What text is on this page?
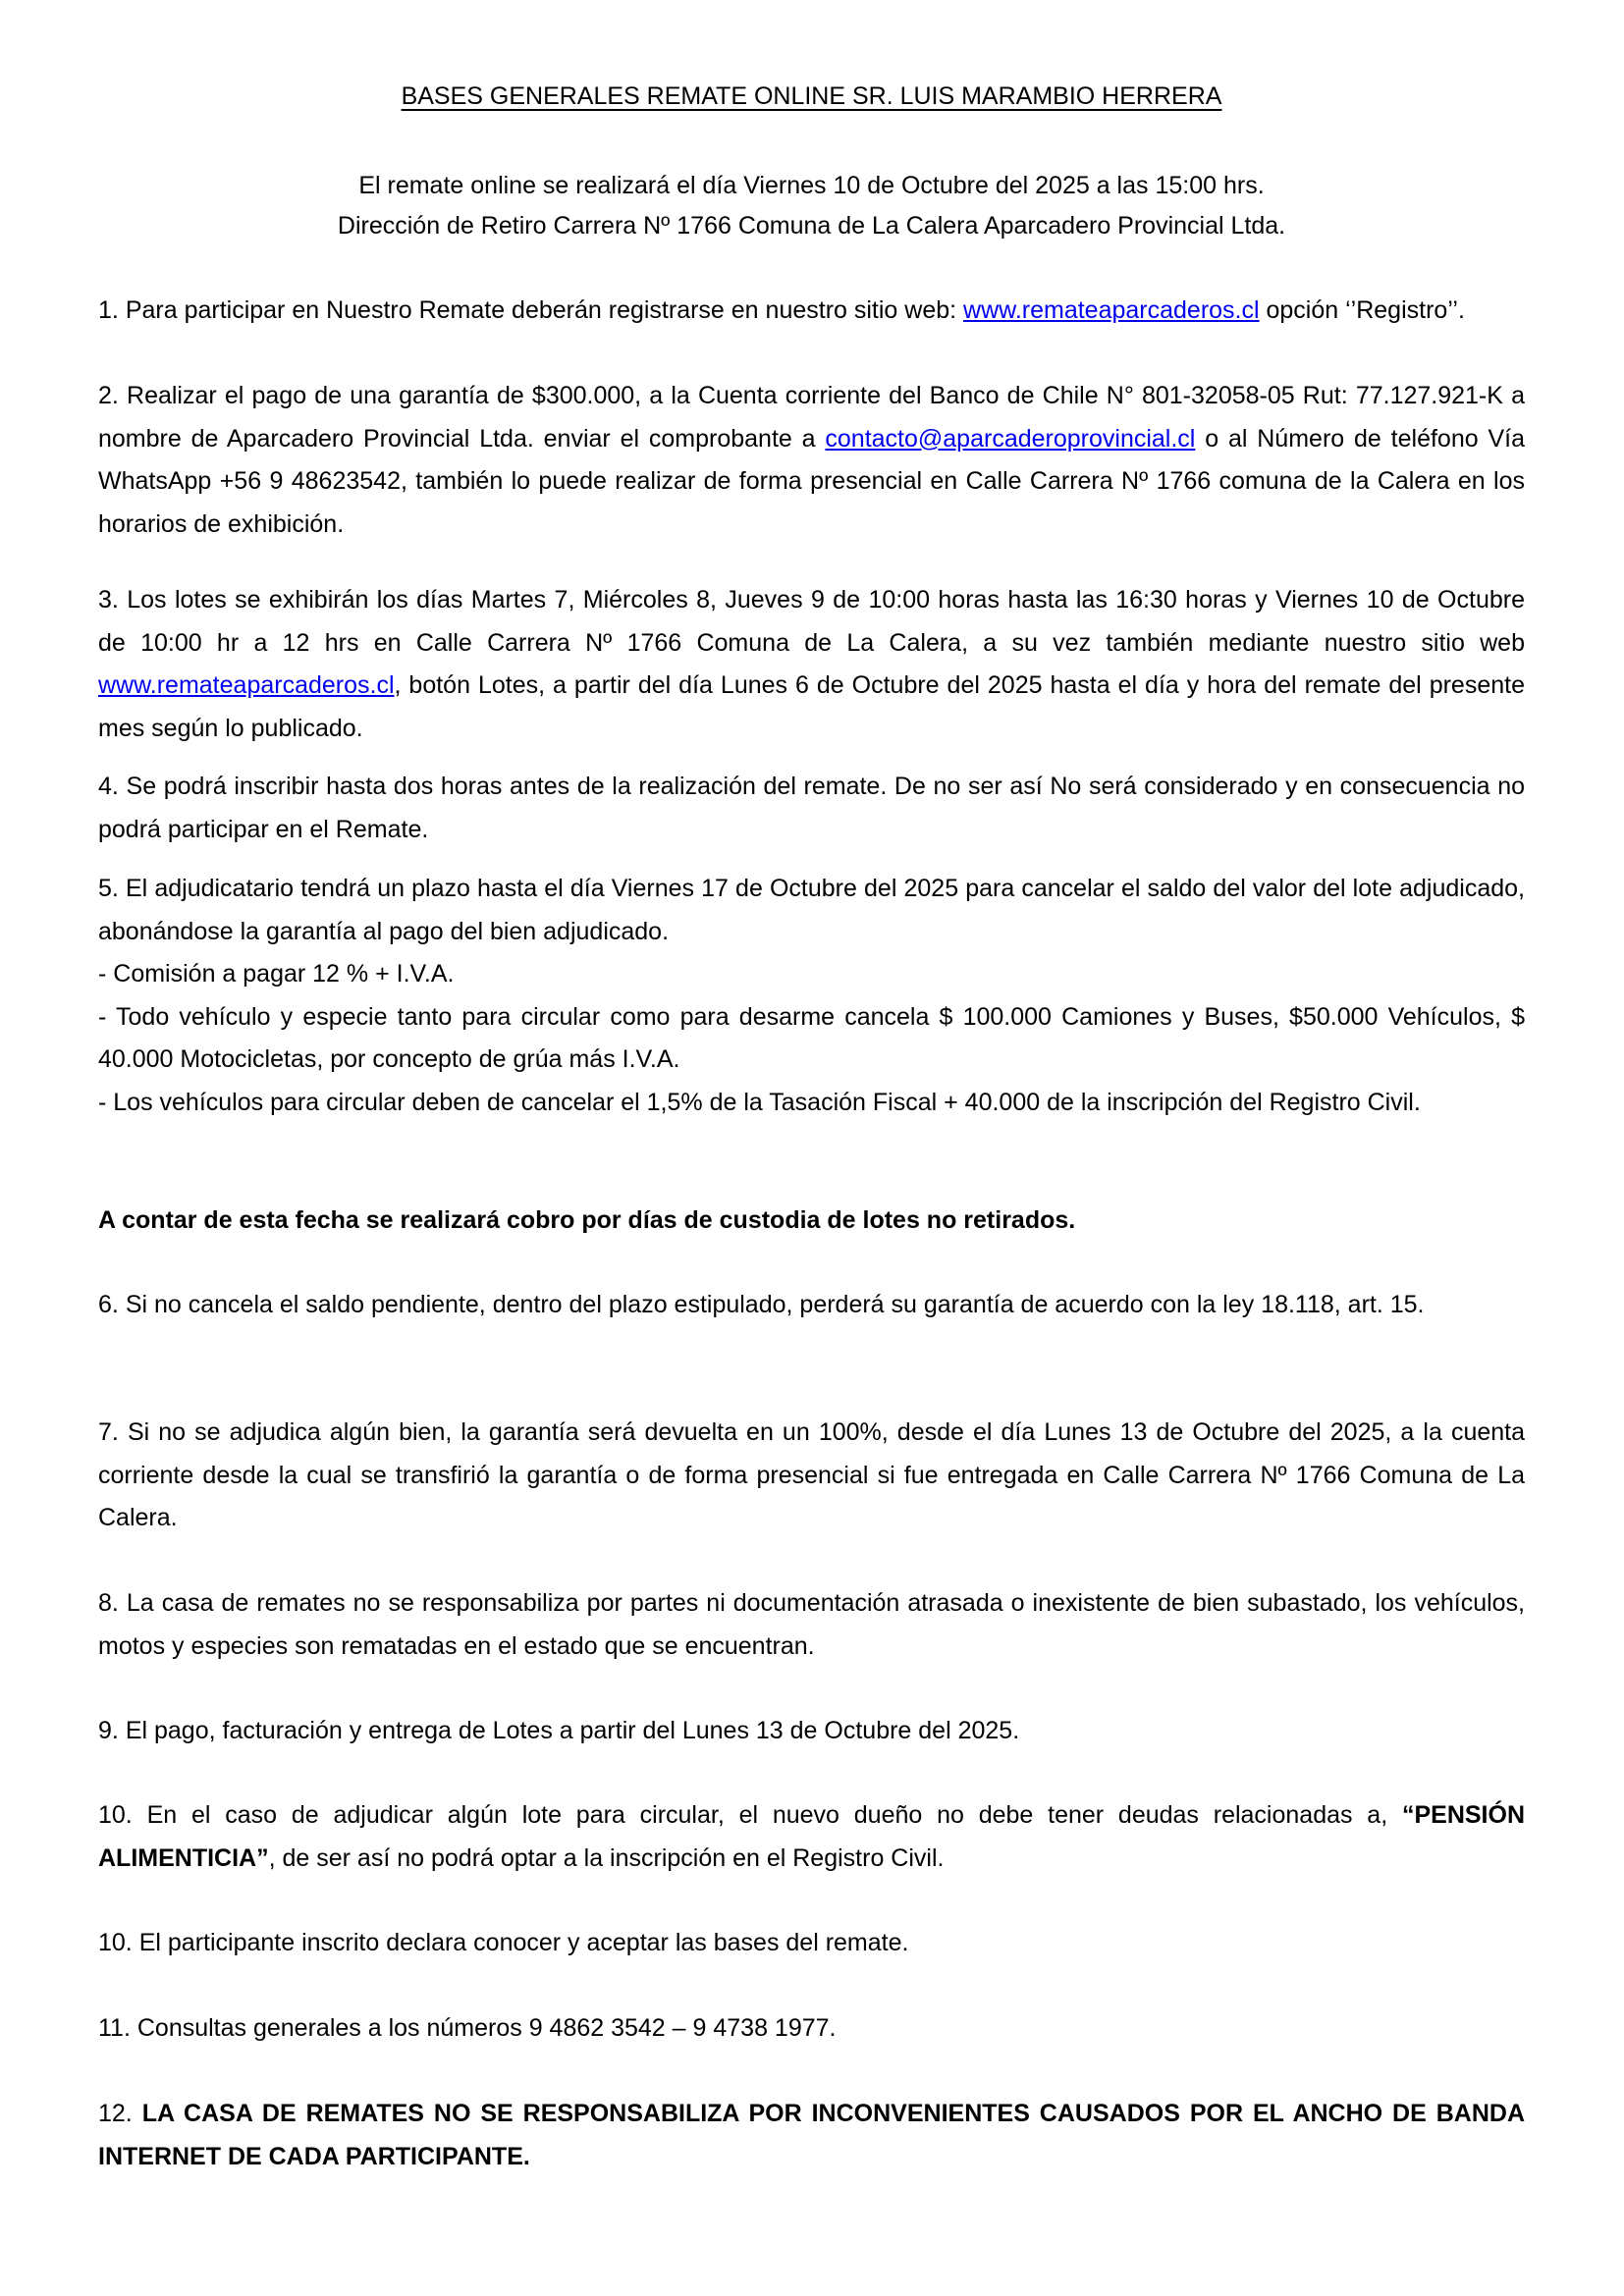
BASES GENERALES REMATE ONLINE SR. LUIS MARAMBIO HERRERA
El remate online se realizará el día Viernes 10 de Octubre del 2025 a las 15:00 hrs.
Dirección de Retiro Carrera Nº 1766 Comuna de La Calera Aparcadero Provincial Ltda.
1. Para participar en Nuestro Remate deberán registrarse en nuestro sitio web: www.remateaparcaderos.cl opción ‘’Registro’’.
2. Realizar el pago de una garantía de $300.000, a la Cuenta corriente del Banco de Chile N° 801-32058-05 Rut: 77.127.921-K a nombre de Aparcadero Provincial Ltda. enviar el comprobante a contacto@aparcaderoprovincial.cl o al Número de teléfono Vía WhatsApp +56 9 48623542, también lo puede realizar de forma presencial en Calle Carrera Nº 1766 comuna de la Calera en los horarios de exhibición.
3. Los lotes se exhibirán los días Martes 7, Miércoles 8, Jueves 9 de 10:00 horas hasta las 16:30 horas y Viernes 10 de Octubre de 10:00 hr a 12 hrs en Calle Carrera Nº 1766 Comuna de La Calera, a su vez también mediante nuestro sitio web www.remateaparcaderos.cl, botón Lotes, a partir del día Lunes 6 de Octubre del 2025 hasta el día y hora del remate del presente mes según lo publicado.
4. Se podrá inscribir hasta dos horas antes de la realización del remate. De no ser así No será considerado y en consecuencia no podrá participar en el Remate.
5. El adjudicatario tendrá un plazo hasta el día Viernes 17 de Octubre del 2025 para cancelar el saldo del valor del lote adjudicado, abonándose la garantía al pago del bien adjudicado.
- Comisión a pagar 12 % + I.V.A.
- Todo vehículo y especie tanto para circular como para desarme cancela $ 100.000 Camiones y Buses, $50.000 Vehículos, $ 40.000 Motocicletas, por concepto de grúa más I.V.A.
- Los vehículos para circular deben de cancelar el 1,5% de la Tasación Fiscal + 40.000 de la inscripción del Registro Civil.
A contar de esta fecha se realizará cobro por días de custodia de lotes no retirados.
6. Si no cancela el saldo pendiente, dentro del plazo estipulado, perderá su garantía de acuerdo con la ley 18.118, art. 15.
7. Si no se adjudica algún bien, la garantía será devuelta en un 100%, desde el día Lunes 13 de Octubre del 2025, a la cuenta corriente desde la cual se transfirió la garantía o de forma presencial si fue entregada en Calle Carrera Nº 1766 Comuna de La Calera.
8. La casa de remates no se responsabiliza por partes ni documentación atrasada o inexistente de bien subastado, los vehículos, motos y especies son rematadas en el estado que se encuentran.
9. El pago, facturación y entrega de Lotes a partir del Lunes 13 de Octubre del 2025.
10. En el caso de adjudicar algún lote para circular, el nuevo dueño no debe tener deudas relacionadas a, “PENSIÓN ALIMENTICIA”, de ser así no podrá optar a la inscripción en el Registro Civil.
10. El participante inscrito declara conocer y aceptar las bases del remate.
11. Consultas generales a los números 9 4862 3542 – 9 4738 1977.
12. LA CASA DE REMATES NO SE RESPONSABILIZA POR INCONVENIENTES CAUSADOS POR EL ANCHO DE BANDA INTERNET DE CADA PARTICIPANTE.
